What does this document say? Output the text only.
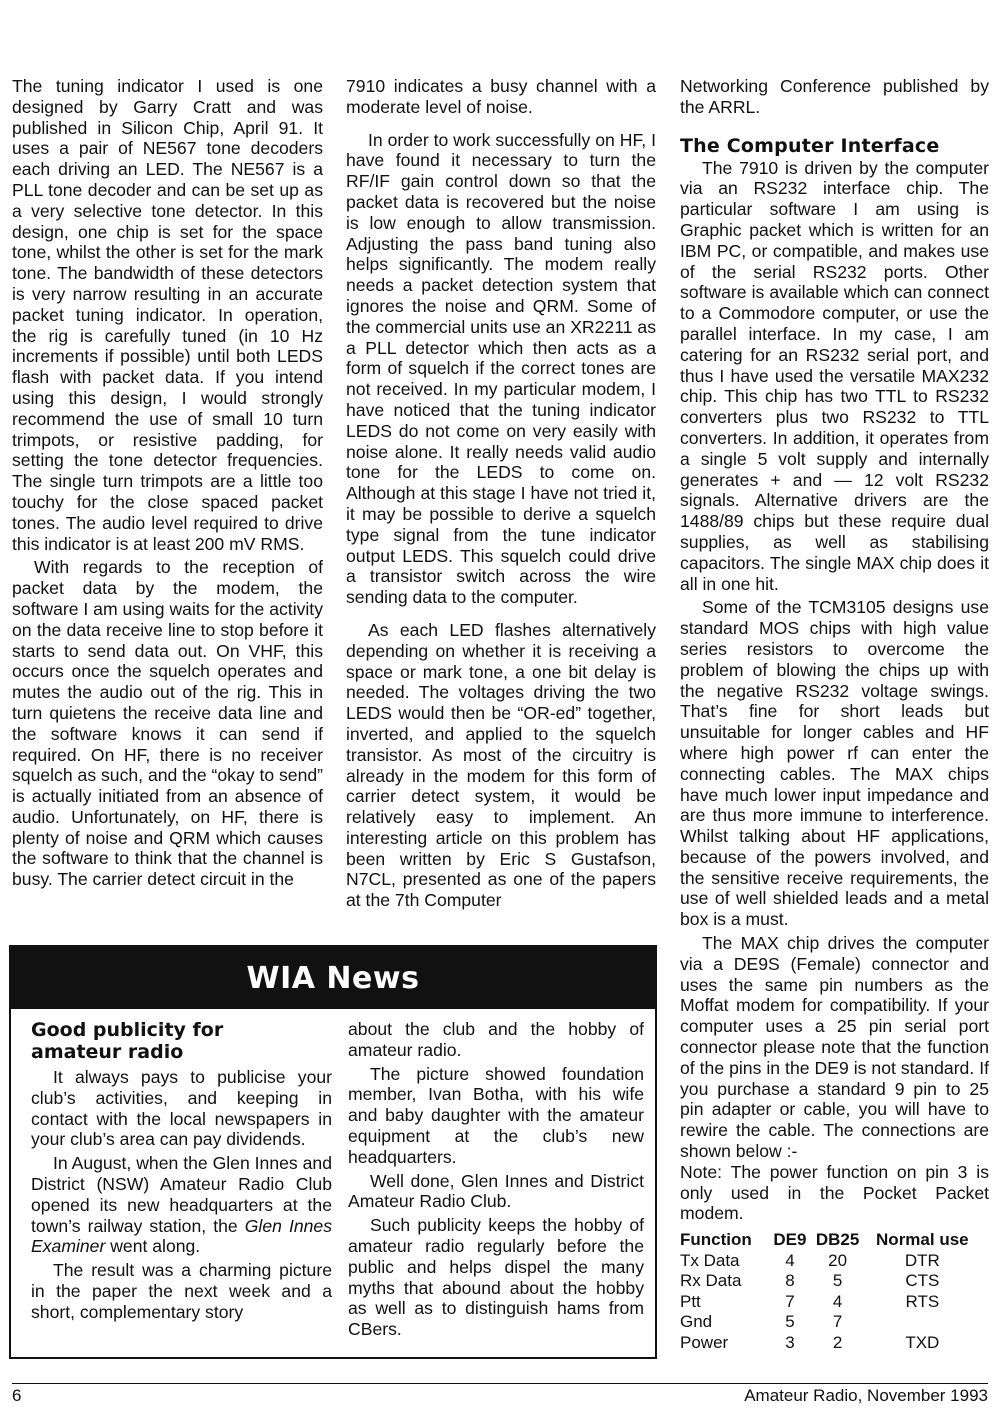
The tuning indicator I used is one designed by Garry Cratt and was published in Silicon Chip, April 91. It uses a pair of NE567 tone decoders each driving an LED. The NE567 is a PLL tone decoder and can be set up as a very selective tone detector. In this design, one chip is set for the space tone, whilst the other is set for the mark tone. The bandwidth of these detectors is very narrow resulting in an accurate packet tuning indicator. In operation, the rig is carefully tuned (in 10 Hz increments if possible) until both LEDS flash with packet data. If you intend using this design, I would strongly recommend the use of small 10 turn trimpots, or resistive padding, for setting the tone detector frequencies. The single turn trimpots are a little too touchy for the close spaced packet tones. The audio level required to drive this indicator is at least 200 mV RMS.

With regards to the reception of packet data by the modem, the software I am using waits for the activity on the data receive line to stop before it starts to send data out. On VHF, this occurs once the squelch operates and mutes the audio out of the rig. This in turn quietens the receive data line and the software knows it can send if required. On HF, there is no receiver squelch as such, and the “okay to send” is actually initiated from an absence of audio. Unfortunately, on HF, there is plenty of noise and QRM which causes the software to think that the channel is busy. The carrier detect circuit in the

7910 indicates a busy channel with a moderate level of noise.

In order to work successfully on HF, I have found it necessary to turn the RF/IF gain control down so that the packet data is recovered but the noise is low enough to allow transmission. Adjusting the pass band tuning also helps significantly. The modem really needs a packet detection system that ignores the noise and QRM. Some of the commercial units use an XR2211 as a PLL detector which then acts as a form of squelch if the correct tones are not received. In my particular modem, I have noticed that the tuning indicator LEDS do not come on very easily with noise alone. It really needs valid audio tone for the LEDS to come on. Although at this stage I have not tried it, it may be possible to derive a squelch type signal from the tune indicator output LEDS. This squelch could drive a transistor switch across the wire sending data to the computer.

As each LED flashes alternatively depending on whether it is receiving a space or mark tone, a one bit delay is needed. The voltages driving the two LEDS would then be “OR-ed” together, inverted, and applied to the squelch transistor. As most of the circuitry is already in the modem for this form of carrier detect system, it would be relatively easy to implement. An interesting article on this problem has been written by Eric S Gustafson, N7CL, presented as one of the papers at the 7th Computer

Networking Conference published by the ARRL.

The Computer Interface

The 7910 is driven by the computer via an RS232 interface chip. The particular software I am using is Graphic packet which is written for an IBM PC, or compatible, and makes use of the serial RS232 ports. Other software is available which can connect to a Commodore computer, or use the parallel interface. In my case, I am catering for an RS232 serial port, and thus I have used the versatile MAX232 chip. This chip has two TTL to RS232 converters plus two RS232 to TTL converters. In addition, it operates from a single 5 volt supply and internally generates + and — 12 volt RS232 signals. Alternative drivers are the 1488/89 chips but these require dual supplies, as well as stabilising capacitors. The single MAX chip does it all in one hit.

Some of the TCM3105 designs use standard MOS chips with high value series resistors to overcome the problem of blowing the chips up with the negative RS232 voltage swings. That’s fine for short leads but unsuitable for longer cables and HF where high power rf can enter the connecting cables. The MAX chips have much lower input impedance and are thus more immune to interference. Whilst talking about HF applications, because of the powers involved, and the sensitive receive requirements, the use of well shielded leads and a metal box is a must.

The MAX chip drives the computer via a DE9S (Female) connector and uses the same pin numbers as the Moffat modem for compatibility. If your computer uses a 25 pin serial port connector please note that the function of the pins in the DE9 is not standard. If you purchase a standard 9 pin to 25 pin adapter or cable, you will have to rewire the cable. The connections are shown below :-

Note: The power function on pin 3 is only used in the Pocket Packet modem.

Function	DE9	DB25	Normal use
Tx Data	4	20	DTR
Rx Data	8	5	CTS
Ptt	7	4	RTS
Gnd	5	7	
Power	3	2	TXD
WIA News
Good publicity for
amateur radio

It always pays to publicise your club’s activities, and keeping in contact with the local newspapers in your club’s area can pay dividends.

In August, when the Glen Innes and District (NSW) Amateur Radio Club opened its new headquarters at the town’s railway station, the Glen Innes Examiner went along.

The result was a charming picture in the paper the next week and a short, complementary story

about the club and the hobby of amateur radio.

The picture showed foundation member, Ivan Botha, with his wife and baby daughter with the amateur equipment at the club’s new headquarters.

Well done, Glen Innes and District Amateur Radio Club.

Such publicity keeps the hobby of amateur radio regularly before the public and helps dispel the many myths that abound about the hobby as well as to distinguish hams from CBers.

6	Amateur Radio, November 1993
